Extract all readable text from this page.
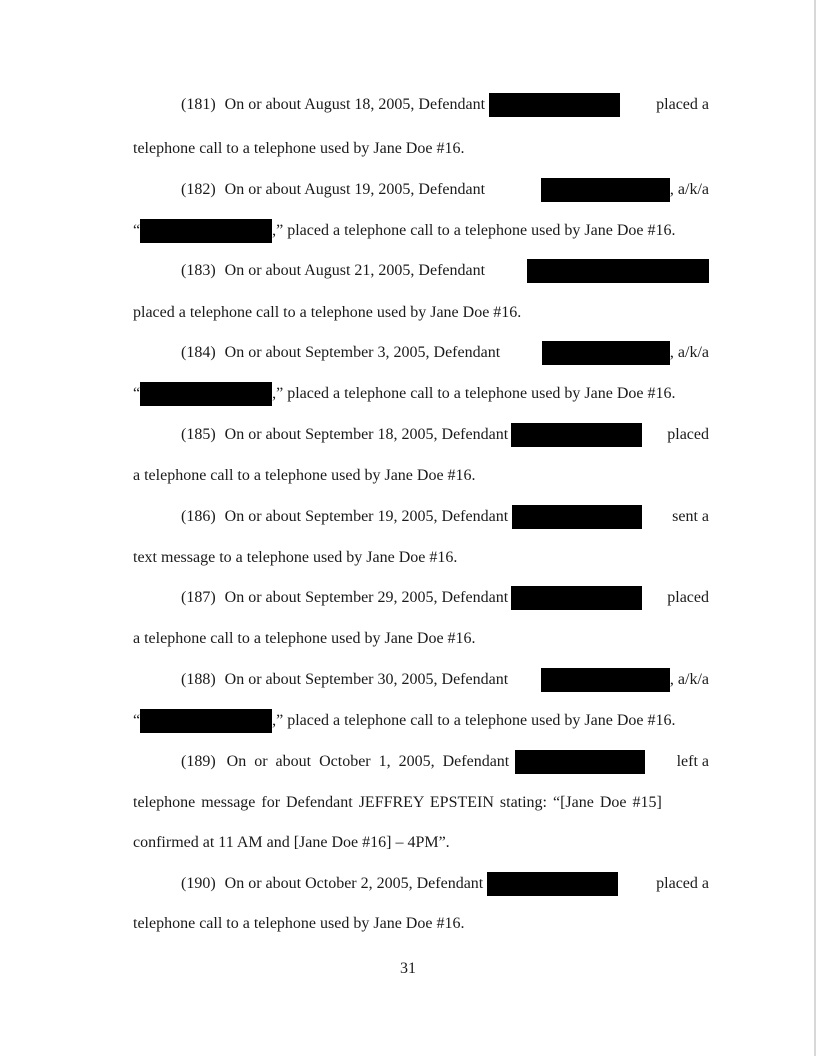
(181) On or about August 18, 2005, Defendant	placed a
telephone call to a telephone used by Jane Doe #16.
(182) On or about August 19, 2005, Defendant	, a/k/a
“	,” placed a telephone call to a telephone used by Jane Doe #16.
(183) On or about August 21, 2005, Defendant
placed a telephone call to a telephone used by Jane Doe #16.
(184) On or about September 3, 2005, Defendant	, a/k/a
“	,” placed a telephone call to a telephone used by Jane Doe #16.
(185) On or about September 18, 2005, Defendant	placed
a telephone call to a telephone used by Jane Doe #16.
(186) On or about September 19, 2005, Defendant	sent a
text message to a telephone used by Jane Doe #16.
(187) On or about September 29, 2005, Defendant	placed
a telephone call to a telephone used by Jane Doe #16.
(188) On or about September 30, 2005, Defendant	, a/k/a
“	,” placed a telephone call to a telephone used by Jane Doe #16.
(189) On or about October 1, 2005, Defendant	left a
telephone message for Defendant JEFFREY EPSTEIN stating: “[Jane Doe #15]
confirmed at 11 AM and [Jane Doe #16] – 4PM”.
(190) On or about October 2, 2005, Defendant	placed a
telephone call to a telephone used by Jane Doe #16.
31
